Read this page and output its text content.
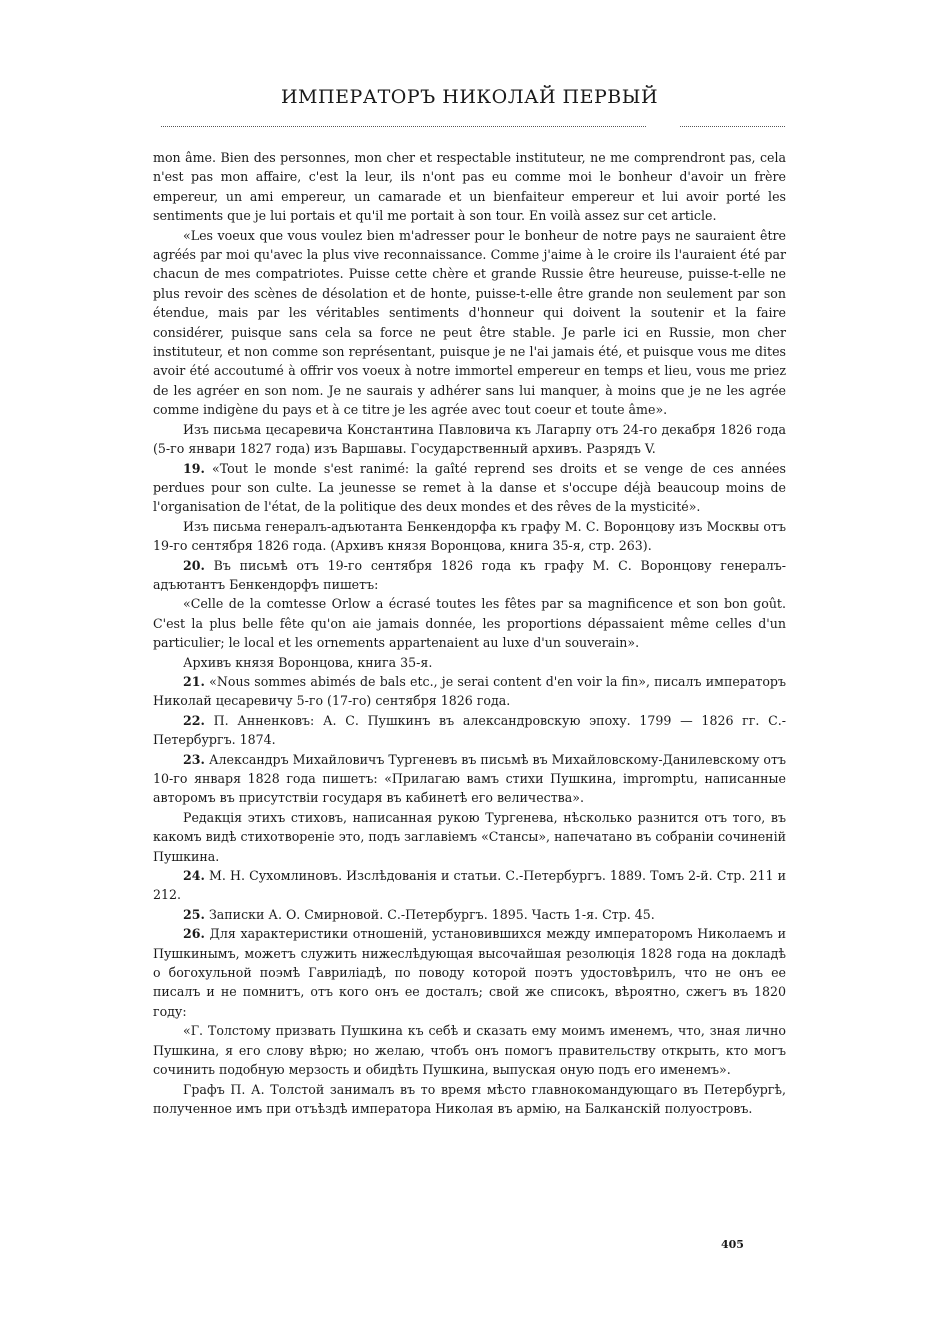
ИМПЕРАТОРЪ НИКОЛАЙ ПЕРВЫЙ

mon âme. Bien des personnes, mon cher et respectable instituteur, ne me comprendront pas, cela n'est pas mon affaire, c'est la leur, ils n'ont pas eu comme moi le bonheur d'avoir un frère empereur, un ami empereur, un camarade et un bienfaiteur empereur et lui avoir porté les sentiments que je lui portais et qu'il me portait à son tour. En voilà assez sur cet article.

«Les voeux que vous voulez bien m'adresser pour le bonheur de notre pays ne sauraient être agréés par moi qu'avec la plus vive reconnaissance. Comme j'aime à le croire ils l'auraient été par chacun de mes compatriotes. Puisse cette chère et grande Russie être heureuse, puisse-t-elle ne plus revoir des scènes de désolation et de honte, puisse-t-elle être grande non seulement par son étendue, mais par les véritables sentiments d'honneur qui doivent la soutenir et la faire considérer, puisque sans cela sa force ne peut être stable. Je parle ici en Russie, mon cher instituteur, et non comme son représentant, puisque je ne l'ai jamais été, et puisque vous me dites avoir été accoutumé à offrir vos voeux à notre immortel empereur en temps et lieu, vous me priez de les agréer en son nom. Je ne saurais y adhérer sans lui manquer, à moins que je ne les agrée comme indigène du pays et à ce titre je les agrée avec tout coeur et toute âme».

Изъ письма цесаревича Константина Павловича къ Лагарпу отъ 24-го декабря 1826 года (5-го январи 1827 года) изъ Варшавы. Государственный архивъ. Разрядъ V.

19. «Tout le monde s'est ranimé: la gaîté reprend ses droits et se venge de ces années perdues pour son culte. La jeunesse se remet à la danse et s'occupe déjà beaucoup moins de l'organisation de l'état, de la politique des deux mondes et des rêves de la mysticité».

Изъ письма генералъ-адъютанта Бенкендорфа къ графу М. С. Воронцову изъ Москвы отъ 19-го сентября 1826 года. (Архивъ князя Воронцова, книга 35-я, стр. 263).

20. Въ письмѣ отъ 19-го сентября 1826 года къ графу М. С. Воронцову генералъ-адъютантъ Бенкендорфъ пишетъ:

«Celle de la comtesse Orlow a écrasé toutes les fêtes par sa magnificence et son bon goût. C'est la plus belle fête qu'on aie jamais donnée, les proportions dépassaient même celles d'un particulier; le local et les ornements appartenaient au luxe d'un souverain».

Архивъ князя Воронцова, книга 35-я.

21. «Nous sommes abimés de bals etc., je serai content d'en voir la fin», писалъ императоръ Николай цесаревичу 5-го (17-го) сентября 1826 года.

22. П. Анненковъ: А. С. Пушкинъ въ александровскую эпоху. 1799 — 1826 гг. С.-Петербургъ. 1874.

23. Александръ Михайловичъ Тургеневъ въ письмѣ въ Михайловскому-Данилевскому отъ 10-го января 1828 года пишетъ: «Прилагаю вамъ стихи Пушкина, impromptu, написанные авторомъ въ присутствіи государя въ кабинетѣ его величества».

Редакція этихъ стиховъ, написанная рукою Тургенева, нѣсколько разнится отъ того, въ какомъ видѣ стихотвореніе это, подъ заглавіемъ «Стансы», напечатано въ собраніи сочиненій Пушкина.

24. М. Н. Сухомлиновъ. Изслѣдованія и статьи. С.-Петербургъ. 1889. Томъ 2-й. Стр. 211 и 212.

25. Записки А. О. Смирновой. С.-Петербургъ. 1895. Часть 1-я. Стр. 45.

26. Для характеристики отношеній, установившихся между императоромъ Николаемъ и Пушкинымъ, можетъ служить нижеслѣдующая высочайшая резолюція 1828 года на докладѣ о богохульной поэмѣ Гавриліадѣ, по поводу которой поэтъ удостовѣрилъ, что не онъ ее писалъ и не помнитъ, отъ кого онъ ее досталъ; свой же списокъ, вѣроятно, сжегъ въ 1820 году:

«Г. Толстому призвать Пушкина къ себѣ и сказать ему моимъ именемъ, что, зная лично Пушкина, я его слову вѣрю; но желаю, чтобъ онъ помогъ правительству открыть, кто могъ сочинить подобную мерзость и обидѣть Пушкина, выпуская оную подъ его именемъ».

Графъ П. А. Толстой занималъ въ то время мѣсто главнокомандующаго въ Петербургѣ, полученное имъ при отъѣздѣ императора Николая въ армію, на Балканскій полуостровъ.

405
